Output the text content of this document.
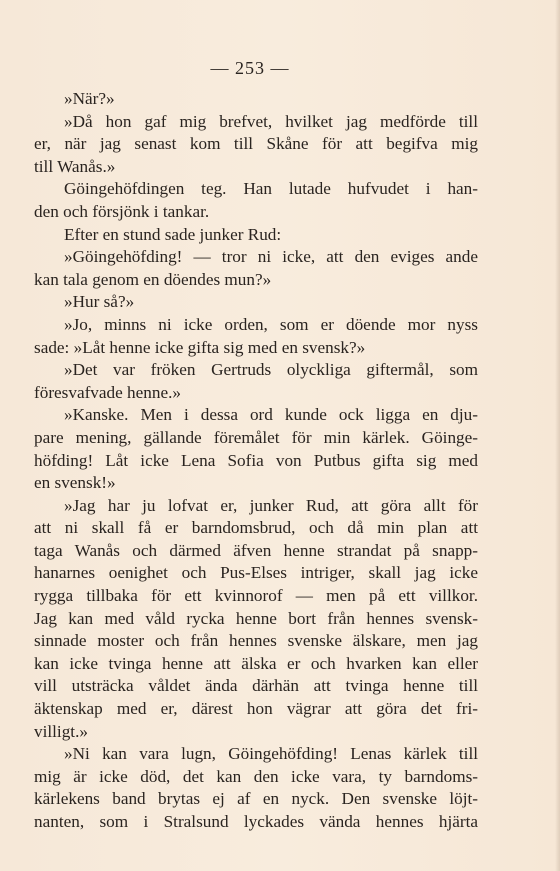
— 253 —
»När?»
»Då hon gaf mig brefvet, hvilket jag medförde till
er, när jag senast kom till Skåne för att begifva mig
till Wanås.»
Göingehöfdingen teg. Han lutade hufvudet i han-
den och försjönk i tankar.
Efter en stund sade junker Rud:
»Göingehöfding! — tror ni icke, att den eviges ande
kan tala genom en döendes mun?»
»Hur så?»
»Jo, minns ni icke orden, som er döende mor nyss
sade: »Låt henne icke gifta sig med en svensk?»
»Det var fröken Gertruds olyckliga giftermål, som
föresvafvade henne.»
»Kanske. Men i dessa ord kunde ock ligga en dju-
pare mening, gällande föremålet för min kärlek. Göinge-
höfding! Låt icke Lena Sofia von Putbus gifta sig med
en svensk!»
»Jag har ju lofvat er, junker Rud, att göra allt för
att ni skall få er barndomsbrud, och då min plan att
taga Wanås och därmed äfven henne strandat på snapp-
hanarnes oenighet och Pus-Elses intriger, skall jag icke
rygga tillbaka för ett kvinnorof — men på ett villkor.
Jag kan med våld rycka henne bort från hennes svensk-
sinnade moster och från hennes svenske älskare, men jag
kan icke tvinga henne att älska er och hvarken kan eller
vill utsträcka våldet ända därhän att tvinga henne till
äktenskap med er, därest hon vägrar att göra det fri-
villigt.»
»Ni kan vara lugn, Göingehöfding! Lenas kärlek till
mig är icke död, det kan den icke vara, ty barndoms-
kärlekens band brytas ej af en nyck. Den svenske löjt-
nanten, som i Stralsund lyckades vända hennes hjärta
